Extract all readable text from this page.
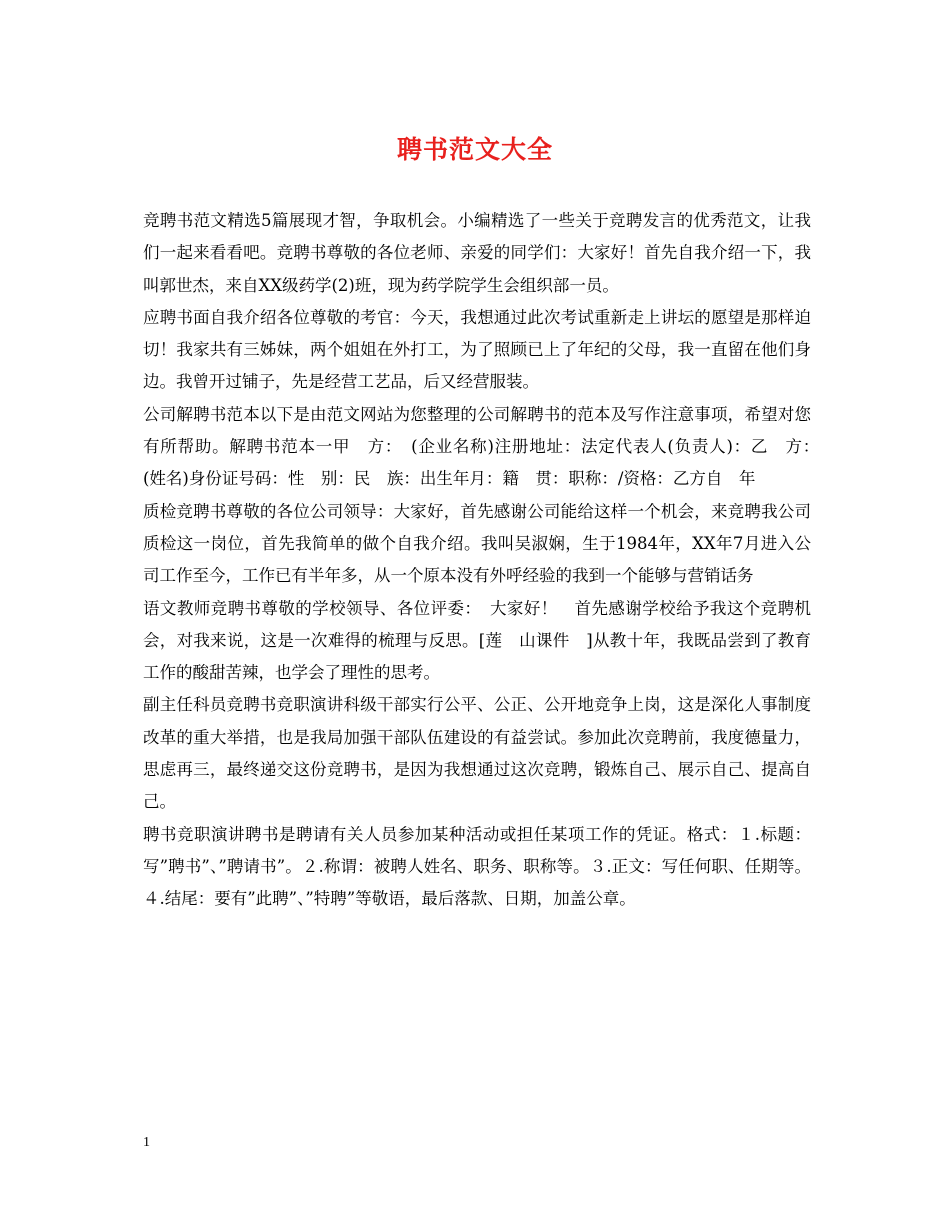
聘书范文大全

竞聘书范文精选5篇展现才智，争取机会。小编精选了一些关于竞聘发言的优秀范文，让我们一起来看看吧。竞聘书尊敬的各位老师、亲爱的同学们：大家好！首先自我介绍一下，我叫郭世杰，来自XX级药学(2)班，现为药学院学生会组织部一员。

应聘书面自我介绍各位尊敬的考官：今天，我想通过此次考试重新走上讲坛的愿望是那样迫切！我家共有三姊妹，两个姐姐在外打工，为了照顾已上了年纪的父母，我一直留在他们身边。我曾开过铺子，先是经营工艺品，后又经营服装。

公司解聘书范本以下是由范文网站为您整理的公司解聘书的范本及写作注意事项，希望对您有所帮助。解聘书范本一甲　方：　(企业名称)注册地址：法定代表人(负责人)：乙　方：　(姓名)身份证号码：性　别：民　族：出生年月：籍　贯：职称：/资格：乙方自　年

质检竞聘书尊敬的各位公司领导：大家好，首先感谢公司能给这样一个机会，来竞聘我公司质检这一岗位，首先我简单的做个自我介绍。我叫吴淑娴，生于1984年，XX年7月进入公司工作至今，工作已有半年多，从一个原本没有外呼经验的我到一个能够与营销话务

语文教师竞聘书尊敬的学校领导、各位评委：　大家好！　首先感谢学校给予我这个竞聘机会，对我来说，这是一次难得的梳理与反思。[莲　山课件　]从教十年，我既品尝到了教育工作的酸甜苦辣，也学会了理性的思考。

副主任科员竞聘书竞职演讲科级干部实行公平、公正、公开地竞争上岗，这是深化人事制度改革的重大举措，也是我局加强干部队伍建设的有益尝试。参加此次竞聘前，我度德量力，思虑再三，最终递交这份竞聘书，是因为我想通过这次竞聘，锻炼自己、展示自己、提高自己。

聘书竞职演讲聘书是聘请有关人员参加某种活动或担任某项工作的凭证。格式：１.标题：写”聘书”、”聘请书”。２.称谓：被聘人姓名、职务、职称等。３.正文：写任何职、任期等。４.结尾：要有”此聘”、”特聘”等敬语，最后落款、日期，加盖公章。

1
